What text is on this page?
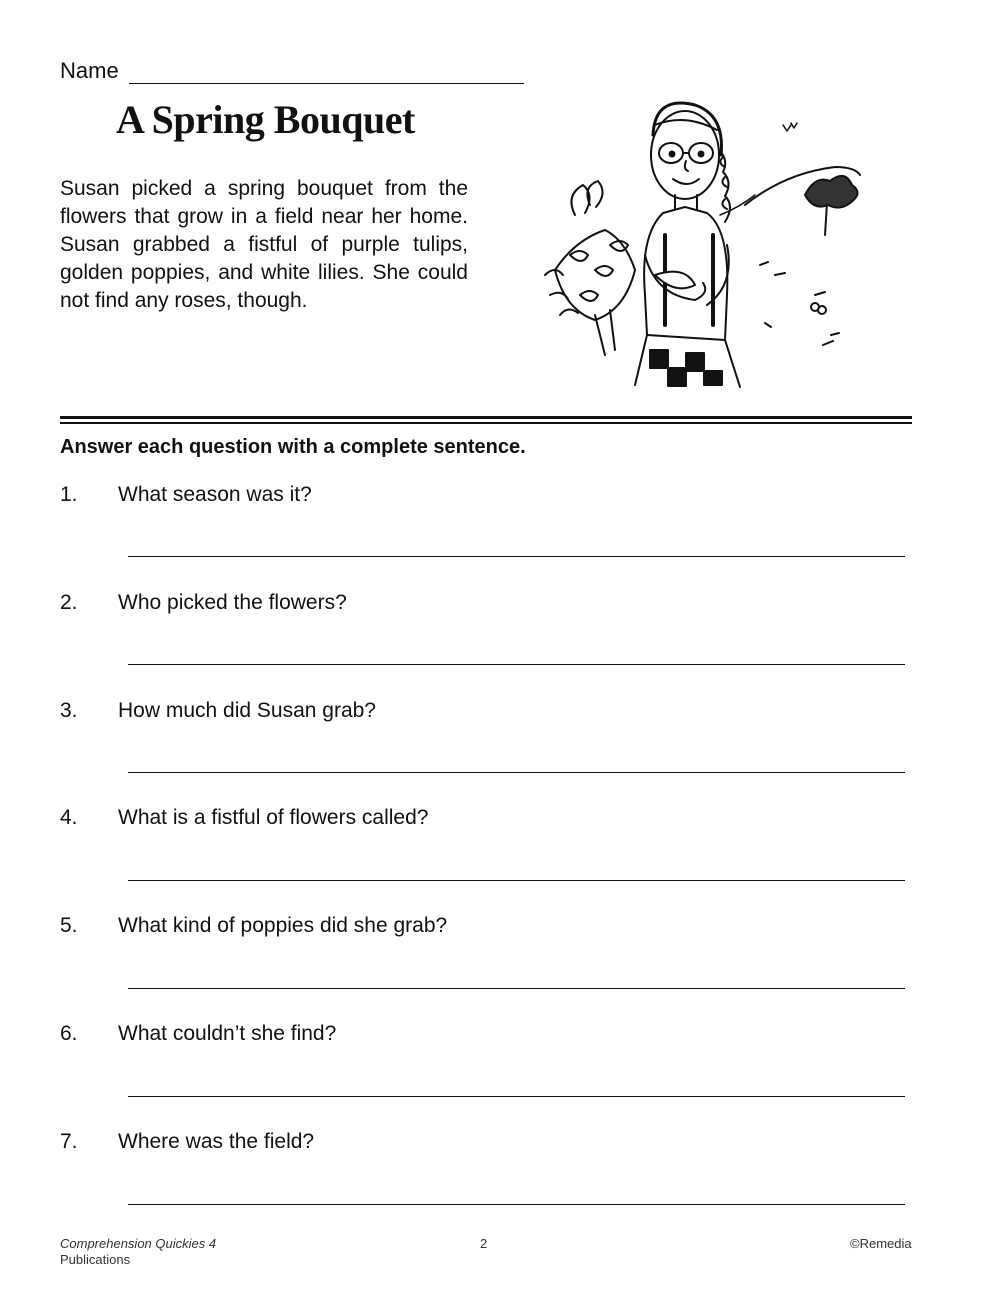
Name
A Spring Bouquet
Susan picked a spring bouquet from the flowers that grow in a field near her home. Susan grabbed a fistful of purple tulips, golden poppies, and white lilies. She could not find any roses, though.
Answer each question with a complete sentence.
1.	What season was it?
2.	Who picked the flowers?
3.	How much did Susan grab?
4.	What is a fistful of flowers called?
5.	What kind of poppies did she grab?
6.	What couldn’t she find?
7.	Where was the field?
Comprehension Quickies 4
Publications
2	©Remedia
